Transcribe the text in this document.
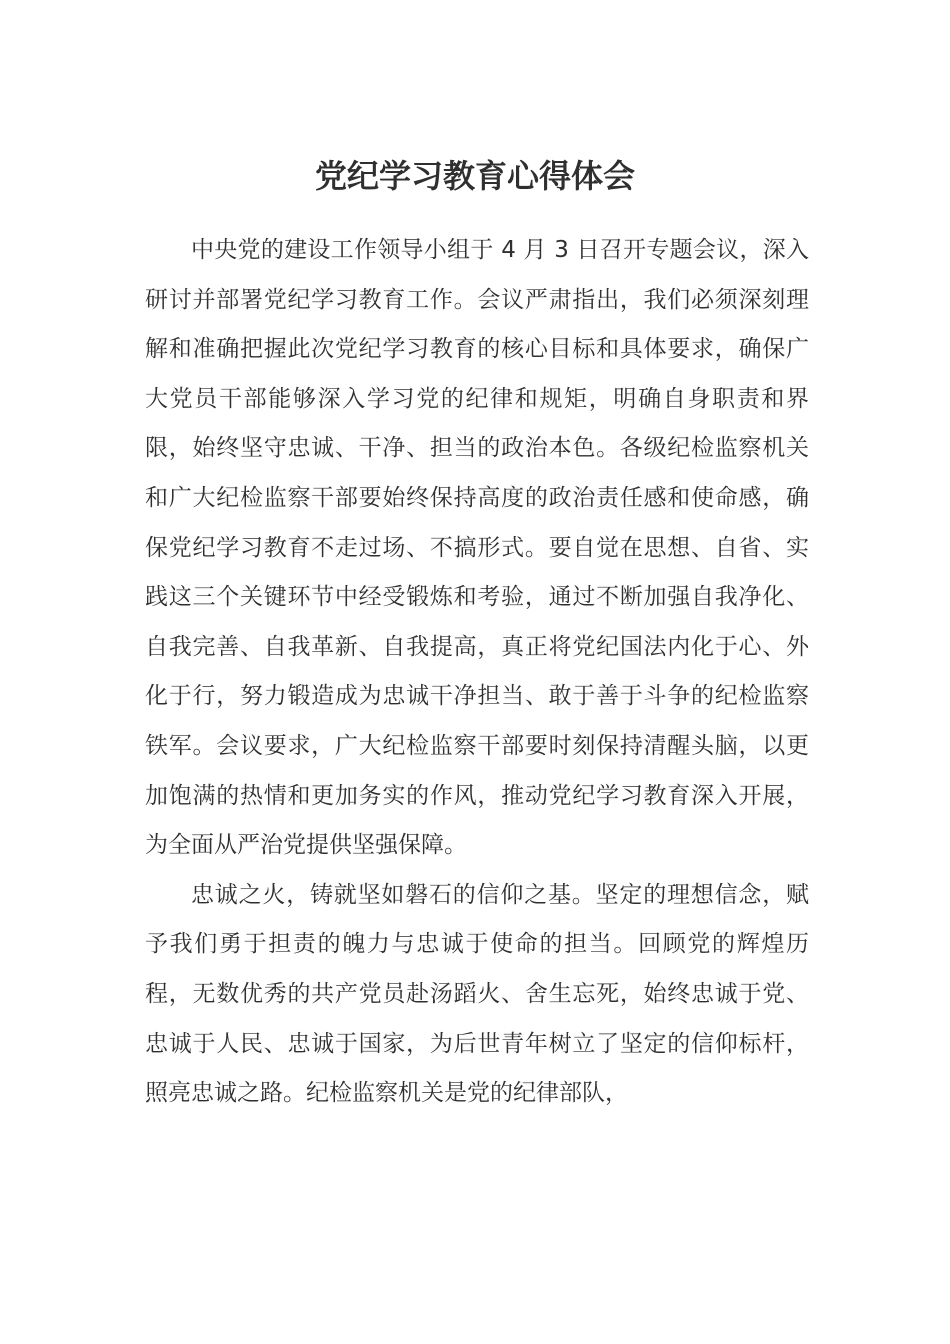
党纪学习教育心得体会

中央党的建设工作领导小组于 4 月 3 日召开专题会议，深入研讨并部署党纪学习教育工作。会议严肃指出，我们必须深刻理解和准确把握此次党纪学习教育的核心目标和具体要求，确保广大党员干部能够深入学习党的纪律和规矩，明确自身职责和界限，始终坚守忠诚、干净、担当的政治本色。各级纪检监察机关和广大纪检监察干部要始终保持高度的政治责任感和使命感，确保党纪学习教育不走过场、不搞形式。要自觉在思想、自省、实践这三个关键环节中经受锻炼和考验，通过不断加强自我净化、自我完善、自我革新、自我提高，真正将党纪国法内化于心、外化于行，努力锻造成为忠诚干净担当、敢于善于斗争的纪检监察铁军。会议要求，广大纪检监察干部要时刻保持清醒头脑，以更加饱满的热情和更加务实的作风，推动党纪学习教育深入开展，为全面从严治党提供坚强保障。

忠诚之火，铸就坚如磐石的信仰之基。坚定的理想信念，赋予我们勇于担责的魄力与忠诚于使命的担当。回顾党的辉煌历程，无数优秀的共产党员赴汤蹈火、舍生忘死，始终忠诚于党、忠诚于人民、忠诚于国家，为后世青年树立了坚定的信仰标杆，照亮忠诚之路。纪检监察机关是党的纪律部队，
